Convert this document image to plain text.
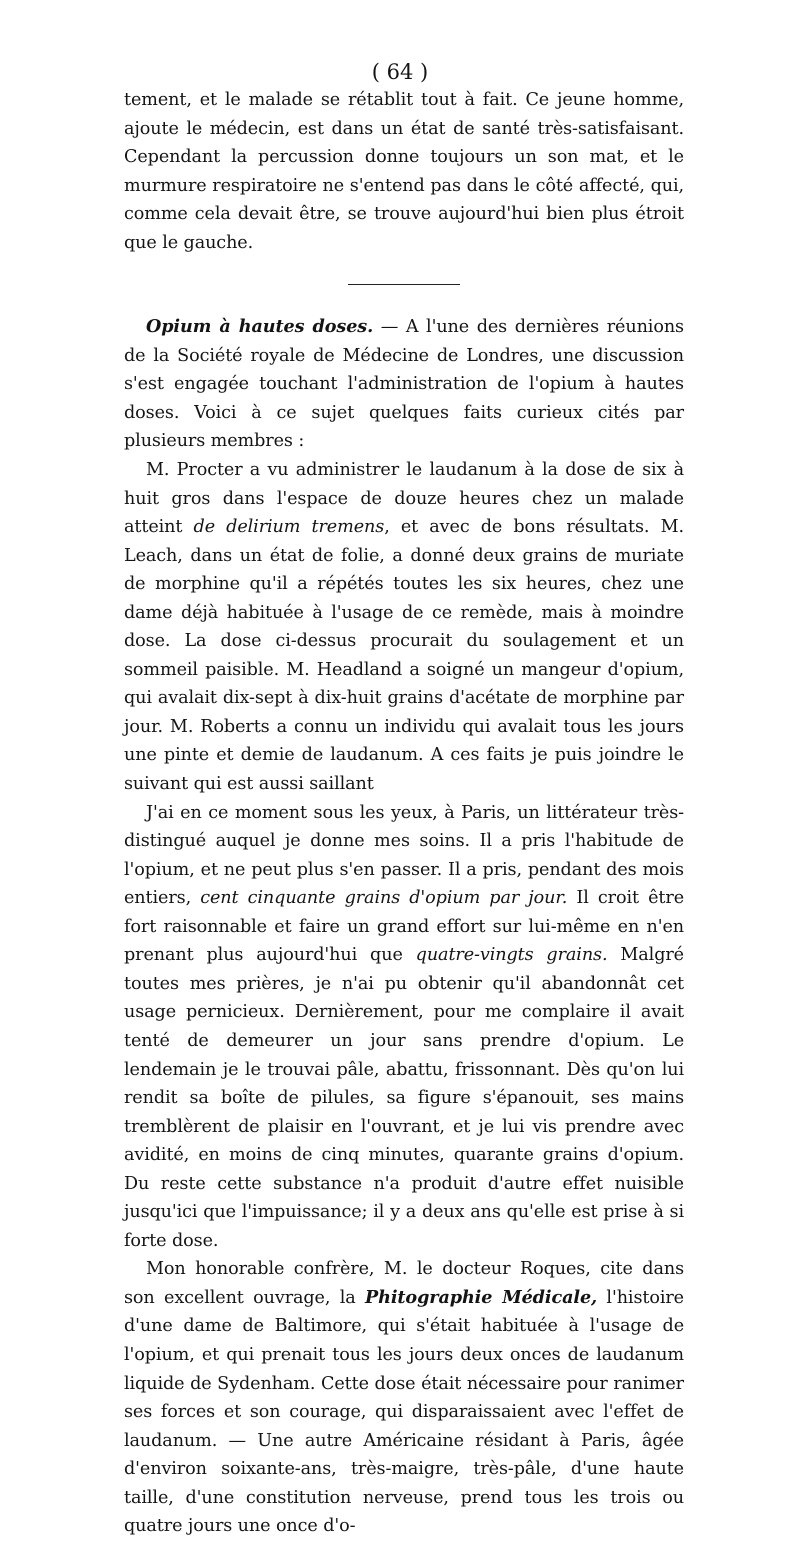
( 64 )

tement, et le malade se rétablit tout à fait. Ce jeune homme, ajoute le médecin, est dans un état de santé très-satisfaisant. Cependant la percussion donne toujours un son mat, et le murmure respiratoire ne s'entend pas dans le côté affecté, qui, comme cela devait être, se trouve aujourd'hui bien plus étroit que le gauche.

Opium à hautes doses. — A l'une des dernières réunions de la Société royale de Médecine de Londres, une discussion s'est engagée touchant l'administration de l'opium à hautes doses. Voici à ce sujet quelques faits curieux cités par plusieurs membres :

M. Procter a vu administrer le laudanum à la dose de six à huit gros dans l'espace de douze heures chez un malade atteint de delirium tremens, et avec de bons résultats. M. Leach, dans un état de folie, a donné deux grains de muriate de morphine qu'il a répétés toutes les six heures, chez une dame déjà habituée à l'usage de ce remède, mais à moindre dose. La dose ci-dessus procurait du soulagement et un sommeil paisible. M. Headland a soigné un mangeur d'opium, qui avalait dix-sept à dix-huit grains d'acétate de morphine par jour. M. Roberts a connu un individu qui avalait tous les jours une pinte et demie de laudanum. A ces faits je puis joindre le suivant qui est aussi saillant

J'ai en ce moment sous les yeux, à Paris, un littérateur très-distingué auquel je donne mes soins. Il a pris l'habitude de l'opium, et ne peut plus s'en passer. Il a pris, pendant des mois entiers, cent cinquante grains d'opium par jour. Il croit être fort raisonnable et faire un grand effort sur lui-même en n'en prenant plus aujourd'hui que quatre-vingts grains. Malgré toutes mes prières, je n'ai pu obtenir qu'il abandonnât cet usage pernicieux. Dernièrement, pour me complaire il avait tenté de demeurer un jour sans prendre d'opium. Le lendemain je le trouvai pâle, abattu, frissonnant. Dès qu'on lui rendit sa boîte de pilules, sa figure s'épanouit, ses mains tremblèrent de plaisir en l'ouvrant, et je lui vis prendre avec avidité, en moins de cinq minutes, quarante grains d'opium. Du reste cette substance n'a produit d'autre effet nuisible jusqu'ici que l'impuissance; il y a deux ans qu'elle est prise à si forte dose.

Mon honorable confrère, M. le docteur Roques, cite dans son excellent ouvrage, la Phitographie Médicale, l'histoire d'une dame de Baltimore, qui s'était habituée à l'usage de l'opium, et qui prenait tous les jours deux onces de laudanum liquide de Sydenham. Cette dose était nécessaire pour ranimer ses forces et son courage, qui disparaissaient avec l'effet de laudanum. — Une autre Américaine résidant à Paris, âgée d'environ soixante-ans, très-maigre, très-pâle, d'une haute taille, d'une constitution nerveuse, prend tous les trois ou quatre jours une once d'o-
